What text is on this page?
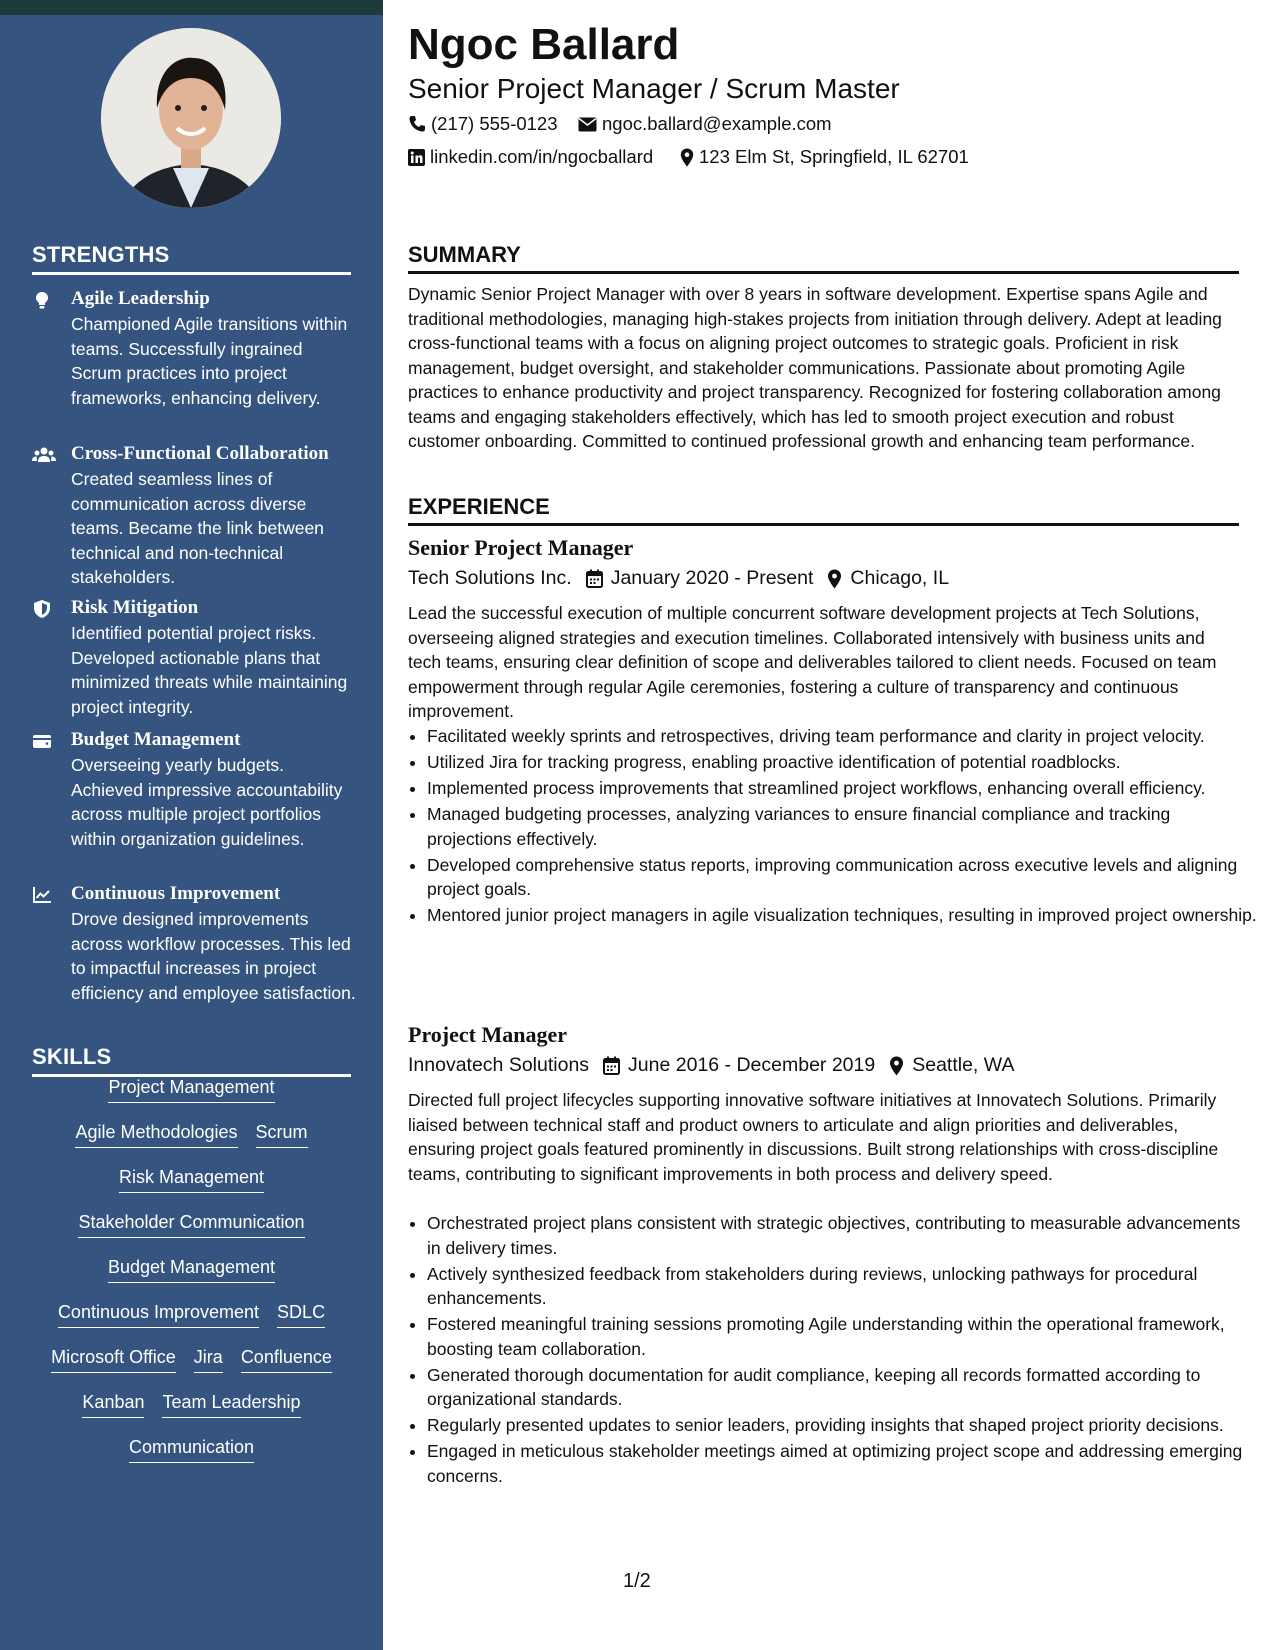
STRENGTHS
Agile Leadership
Championed Agile transitions within teams. Successfully ingrained Scrum practices into project frameworks, enhancing delivery.
Cross-Functional Collaboration
Created seamless lines of communication across diverse teams. Became the link between technical and non-technical stakeholders.
Risk Mitigation
Identified potential project risks. Developed actionable plans that minimized threats while maintaining project integrity.
Budget Management
Overseeing yearly budgets. Achieved impressive accountability across multiple project portfolios within organization guidelines.
Continuous Improvement
Drove designed improvements across workflow processes. This led to impactful increases in project efficiency and employee satisfaction.
SKILLS
Project Management
Agile Methodologies Scrum
Risk Management
Stakeholder Communication
Budget Management
Continuous Improvement SDLC
Microsoft Office Jira Confluence
Kanban Team Leadership
Communication
Ngoc Ballard
Senior Project Manager / Scrum Master
(217) 555-0123 ngoc.ballard@example.com
linkedin.com/in/ngocballard 123 Elm St, Springfield, IL 62701
SUMMARY
Dynamic Senior Project Manager with over 8 years in software development. Expertise spans Agile and traditional methodologies, managing high-stakes projects from initiation through delivery. Adept at leading cross-functional teams with a focus on aligning project outcomes to strategic goals. Proficient in risk management, budget oversight, and stakeholder communications. Passionate about promoting Agile practices to enhance productivity and project transparency. Recognized for fostering collaboration among teams and engaging stakeholders effectively, which has led to smooth project execution and robust customer onboarding. Committed to continued professional growth and enhancing team performance.
EXPERIENCE
Senior Project Manager
Tech Solutions Inc. January 2020 - Present Chicago, IL
Lead the successful execution of multiple concurrent software development projects at Tech Solutions, overseeing aligned strategies and execution timelines. Collaborated intensively with business units and tech teams, ensuring clear definition of scope and deliverables tailored to client needs. Focused on team empowerment through regular Agile ceremonies, fostering a culture of transparency and continuous improvement.
• Facilitated weekly sprints and retrospectives, driving team performance and clarity in project velocity.
• Utilized Jira for tracking progress, enabling proactive identification of potential roadblocks.
• Implemented process improvements that streamlined project workflows, enhancing overall efficiency.
• Managed budgeting processes, analyzing variances to ensure financial compliance and tracking projections effectively.
• Developed comprehensive status reports, improving communication across executive levels and aligning project goals.
• Mentored junior project managers in agile visualization techniques, resulting in improved project ownership.
Project Manager
Innovatech Solutions June 2016 - December 2019 Seattle, WA
Directed full project lifecycles supporting innovative software initiatives at Innovatech Solutions. Primarily liaised between technical staff and product owners to articulate and align priorities and deliverables, ensuring project goals featured prominently in discussions. Built strong relationships with cross-discipline teams, contributing to significant improvements in both process and delivery speed.
• Orchestrated project plans consistent with strategic objectives, contributing to measurable advancements in delivery times.
• Actively synthesized feedback from stakeholders during reviews, unlocking pathways for procedural enhancements.
• Fostered meaningful training sessions promoting Agile understanding within the operational framework, boosting team collaboration.
• Generated thorough documentation for audit compliance, keeping all records formatted according to organizational standards.
• Regularly presented updates to senior leaders, providing insights that shaped project priority decisions.
• Engaged in meticulous stakeholder meetings aimed at optimizing project scope and addressing emerging concerns.
1/2
